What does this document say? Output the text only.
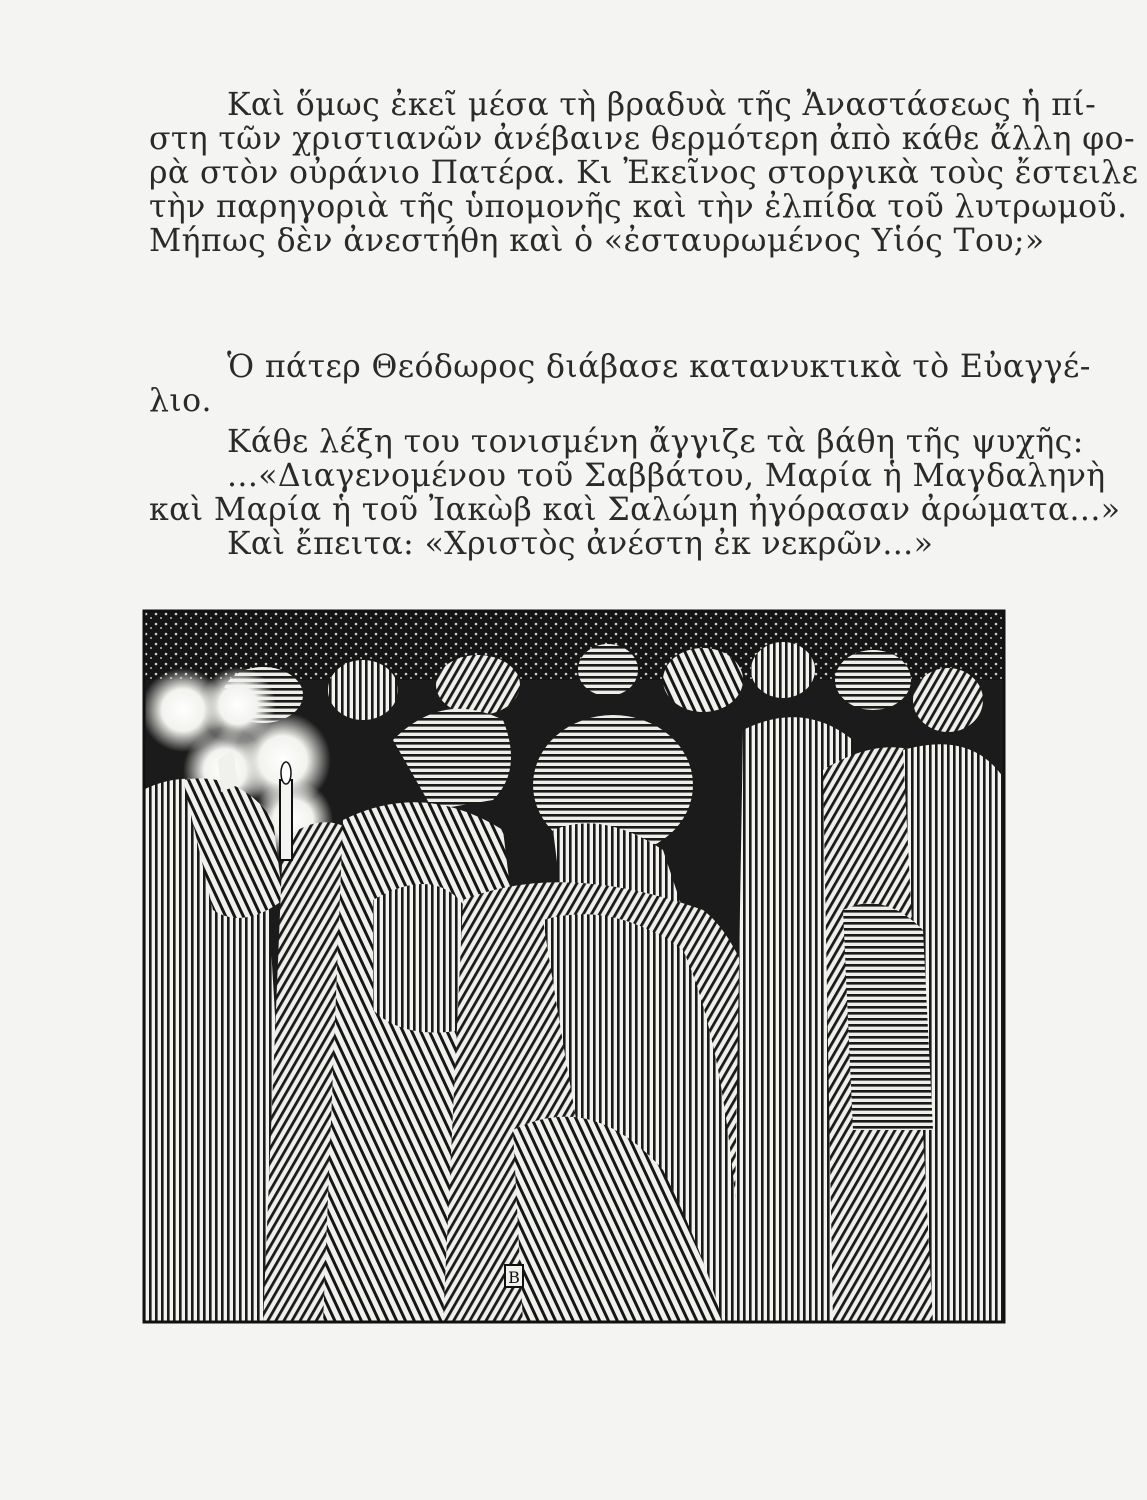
Καὶ ὅμως ἐκεῖ μέσα τὴ βραδυὰ τῆς Ἀναστάσεως ἡ πί-
στη τῶν χριστιανῶν ἀνέβαινε θερμότερη ἀπὸ κάθε ἄλλη φο-
ρὰ στὸν οὐράνιο Πατέρα. Κι Ἐκεῖνος στοργικὰ τοὺς ἔστειλε
τὴν παρηγοριὰ τῆς ὑπομονῆς καὶ τὴν ἐλπίδα τοῦ λυτρωμοῦ.
Μήπως δὲν ἀνεστήθη καὶ ὁ «ἐσταυρωμένος Υἱός Του;»
Ὁ πάτερ Θεόδωρος διάβασε κατανυκτικὰ τὸ Εὐαγγέ-
λιο.
Κάθε λέξη του τονισμένη ἄγγιζε τὰ βάθη τῆς ψυχῆς:
...«Διαγενομένου τοῦ Σαββάτου, Μαρία ἡ Μαγδαληνὴ
καὶ Μαρία ἡ τοῦ Ἰακὼβ καὶ Σαλώμη ἠγόρασαν ἀρώματα...»
Καὶ ἔπειτα: «Χριστὸς ἀνέστη ἐκ νεκρῶν...»
B
